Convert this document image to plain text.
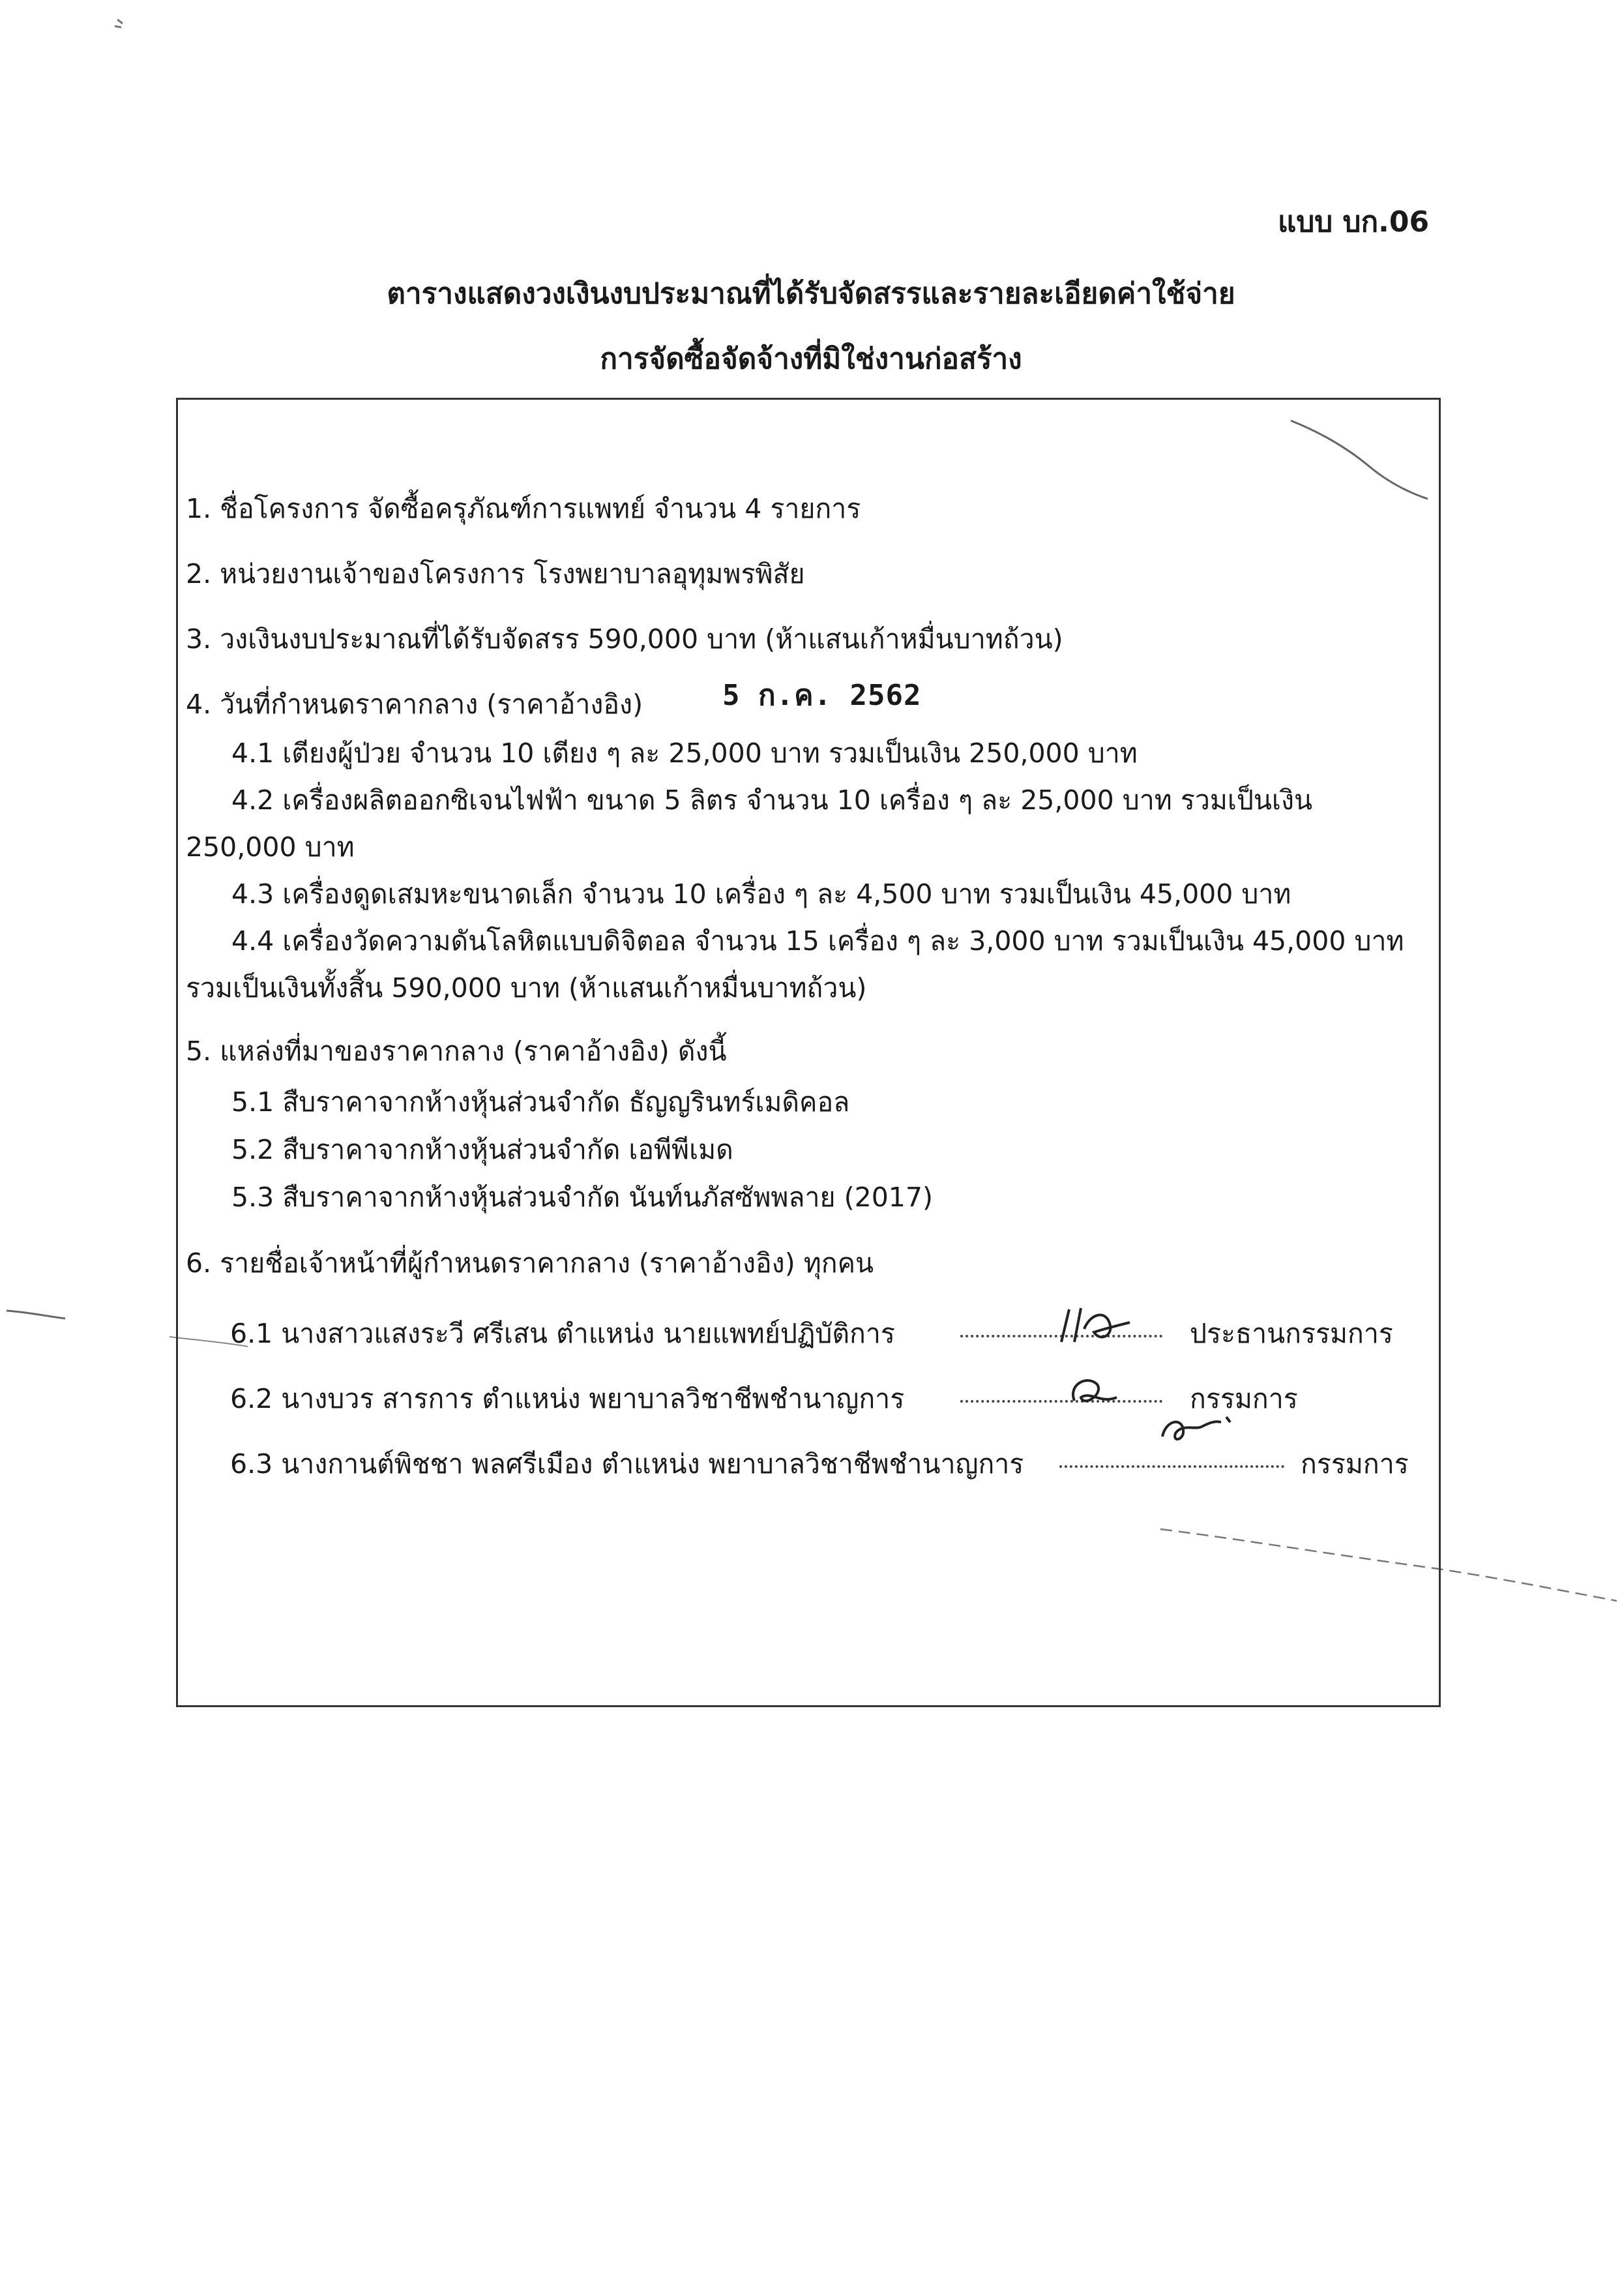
แบบ บก.06
ตารางแสดงวงเงินงบประมาณที่ได้รับจัดสรรและรายละเอียดค่าใช้จ่าย
การจัดซื้อจัดจ้างที่มิใช่งานก่อสร้าง
1. ชื่อโครงการ จัดซื้อครุภัณฑ์การแพทย์ จำนวน 4 รายการ
2. หน่วยงานเจ้าของโครงการ โรงพยาบาลอุทุมพรพิสัย
3. วงเงินงบประมาณที่ได้รับจัดสรร 590,000 บาท (ห้าแสนเก้าหมื่นบาทถ้วน)
4. วันที่กำหนดราคากลาง (ราคาอ้างอิง)	5 ก.ค. 2562
4.1 เตียงผู้ป่วย จำนวน 10 เตียง ๆ ละ 25,000 บาท รวมเป็นเงิน 250,000 บาท
4.2 เครื่องผลิตออกซิเจนไฟฟ้า ขนาด 5 ลิตร จำนวน 10 เครื่อง ๆ ละ 25,000 บาท รวมเป็นเงิน
250,000 บาท
4.3 เครื่องดูดเสมหะขนาดเล็ก จำนวน 10 เครื่อง ๆ ละ 4,500 บาท รวมเป็นเงิน 45,000 บาท
4.4 เครื่องวัดความดันโลหิตแบบดิจิตอล จำนวน 15 เครื่อง ๆ ละ 3,000 บาท รวมเป็นเงิน 45,000 บาท
รวมเป็นเงินทั้งสิ้น 590,000 บาท (ห้าแสนเก้าหมื่นบาทถ้วน)
5. แหล่งที่มาของราคากลาง (ราคาอ้างอิง) ดังนี้
5.1 สืบราคาจากห้างหุ้นส่วนจำกัด ธัญญรินทร์เมดิคอล
5.2 สืบราคาจากห้างหุ้นส่วนจำกัด เอพีพีเมด
5.3 สืบราคาจากห้างหุ้นส่วนจำกัด นันท์นภัสซัพพลาย (2017)
6. รายชื่อเจ้าหน้าที่ผู้กำหนดราคากลาง (ราคาอ้างอิง) ทุกคน
6.1 นางสาวแสงระวี ศรีเสน ตำแหน่ง นายแพทย์ปฏิบัติการ	ประธานกรรมการ
6.2 นางบวร สารการ ตำแหน่ง พยาบาลวิชาชีพชำนาญการ	กรรมการ
6.3 นางกานต์พิชชา พลศรีเมือง ตำแหน่ง พยาบาลวิชาชีพชำนาญการ	กรรมการ
